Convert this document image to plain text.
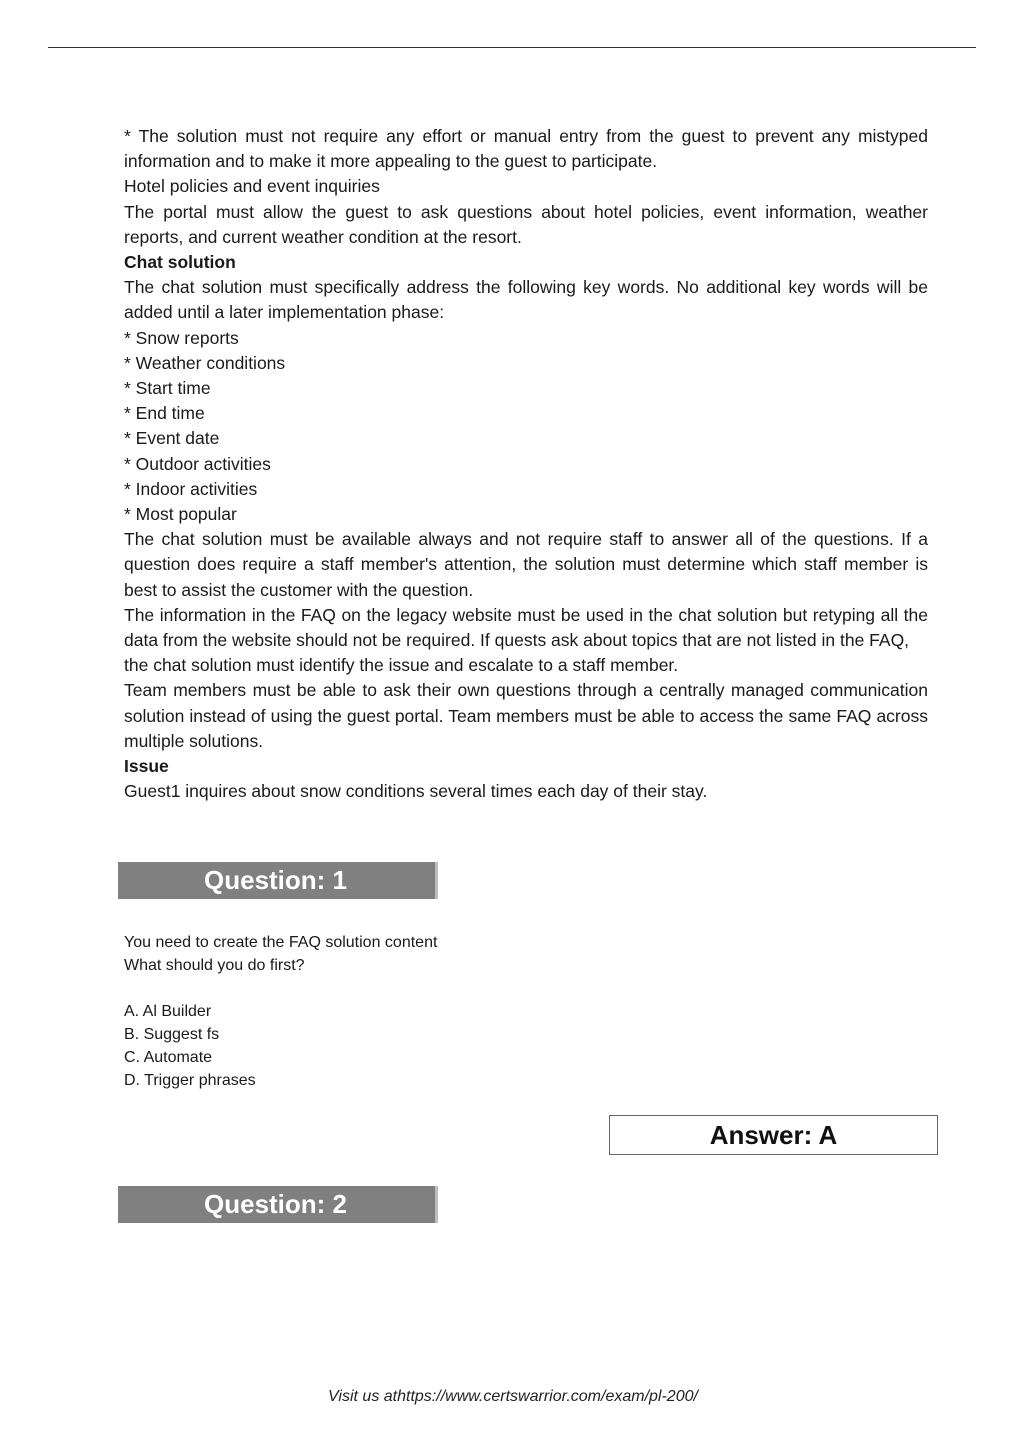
* The solution must not require any effort or manual entry from the guest to prevent any mistyped information and to make it more appealing to the guest to participate.

Hotel policies and event inquiries

The portal must allow the guest to ask questions about hotel policies, event information, weather reports, and current weather condition at the resort.

Chat solution

The chat solution must specifically address the following key words. No additional key words will be added until a later implementation phase:

* Snow reports

* Weather conditions

* Start time

* End time

* Event date

* Outdoor activities

* Indoor activities

* Most popular

The chat solution must be available always and not require staff to answer all of the questions. If a question does require a staff member's attention, the solution must determine which staff member is best to assist the customer with the question.

The information in the FAQ on the legacy website must be used in the chat solution but retyping all the data from the website should not be required. If quests ask about topics that are not listed in the FAQ,

the chat solution must identify the issue and escalate to a staff member.

Team members must be able to ask their own questions through a centrally managed communication solution instead of using the guest portal. Team members must be able to access the same FAQ across multiple solutions.

Issue

Guest1 inquires about snow conditions several times each day of their stay.

Question: 1

You need to create the FAQ solution content

What should you do first?

A. Al Builder

B. Suggest fs

C. Automate

D. Trigger phrases

Answer: A
Question: 2
Visit us athttps://www.certswarrior.com/exam/pl-200/
